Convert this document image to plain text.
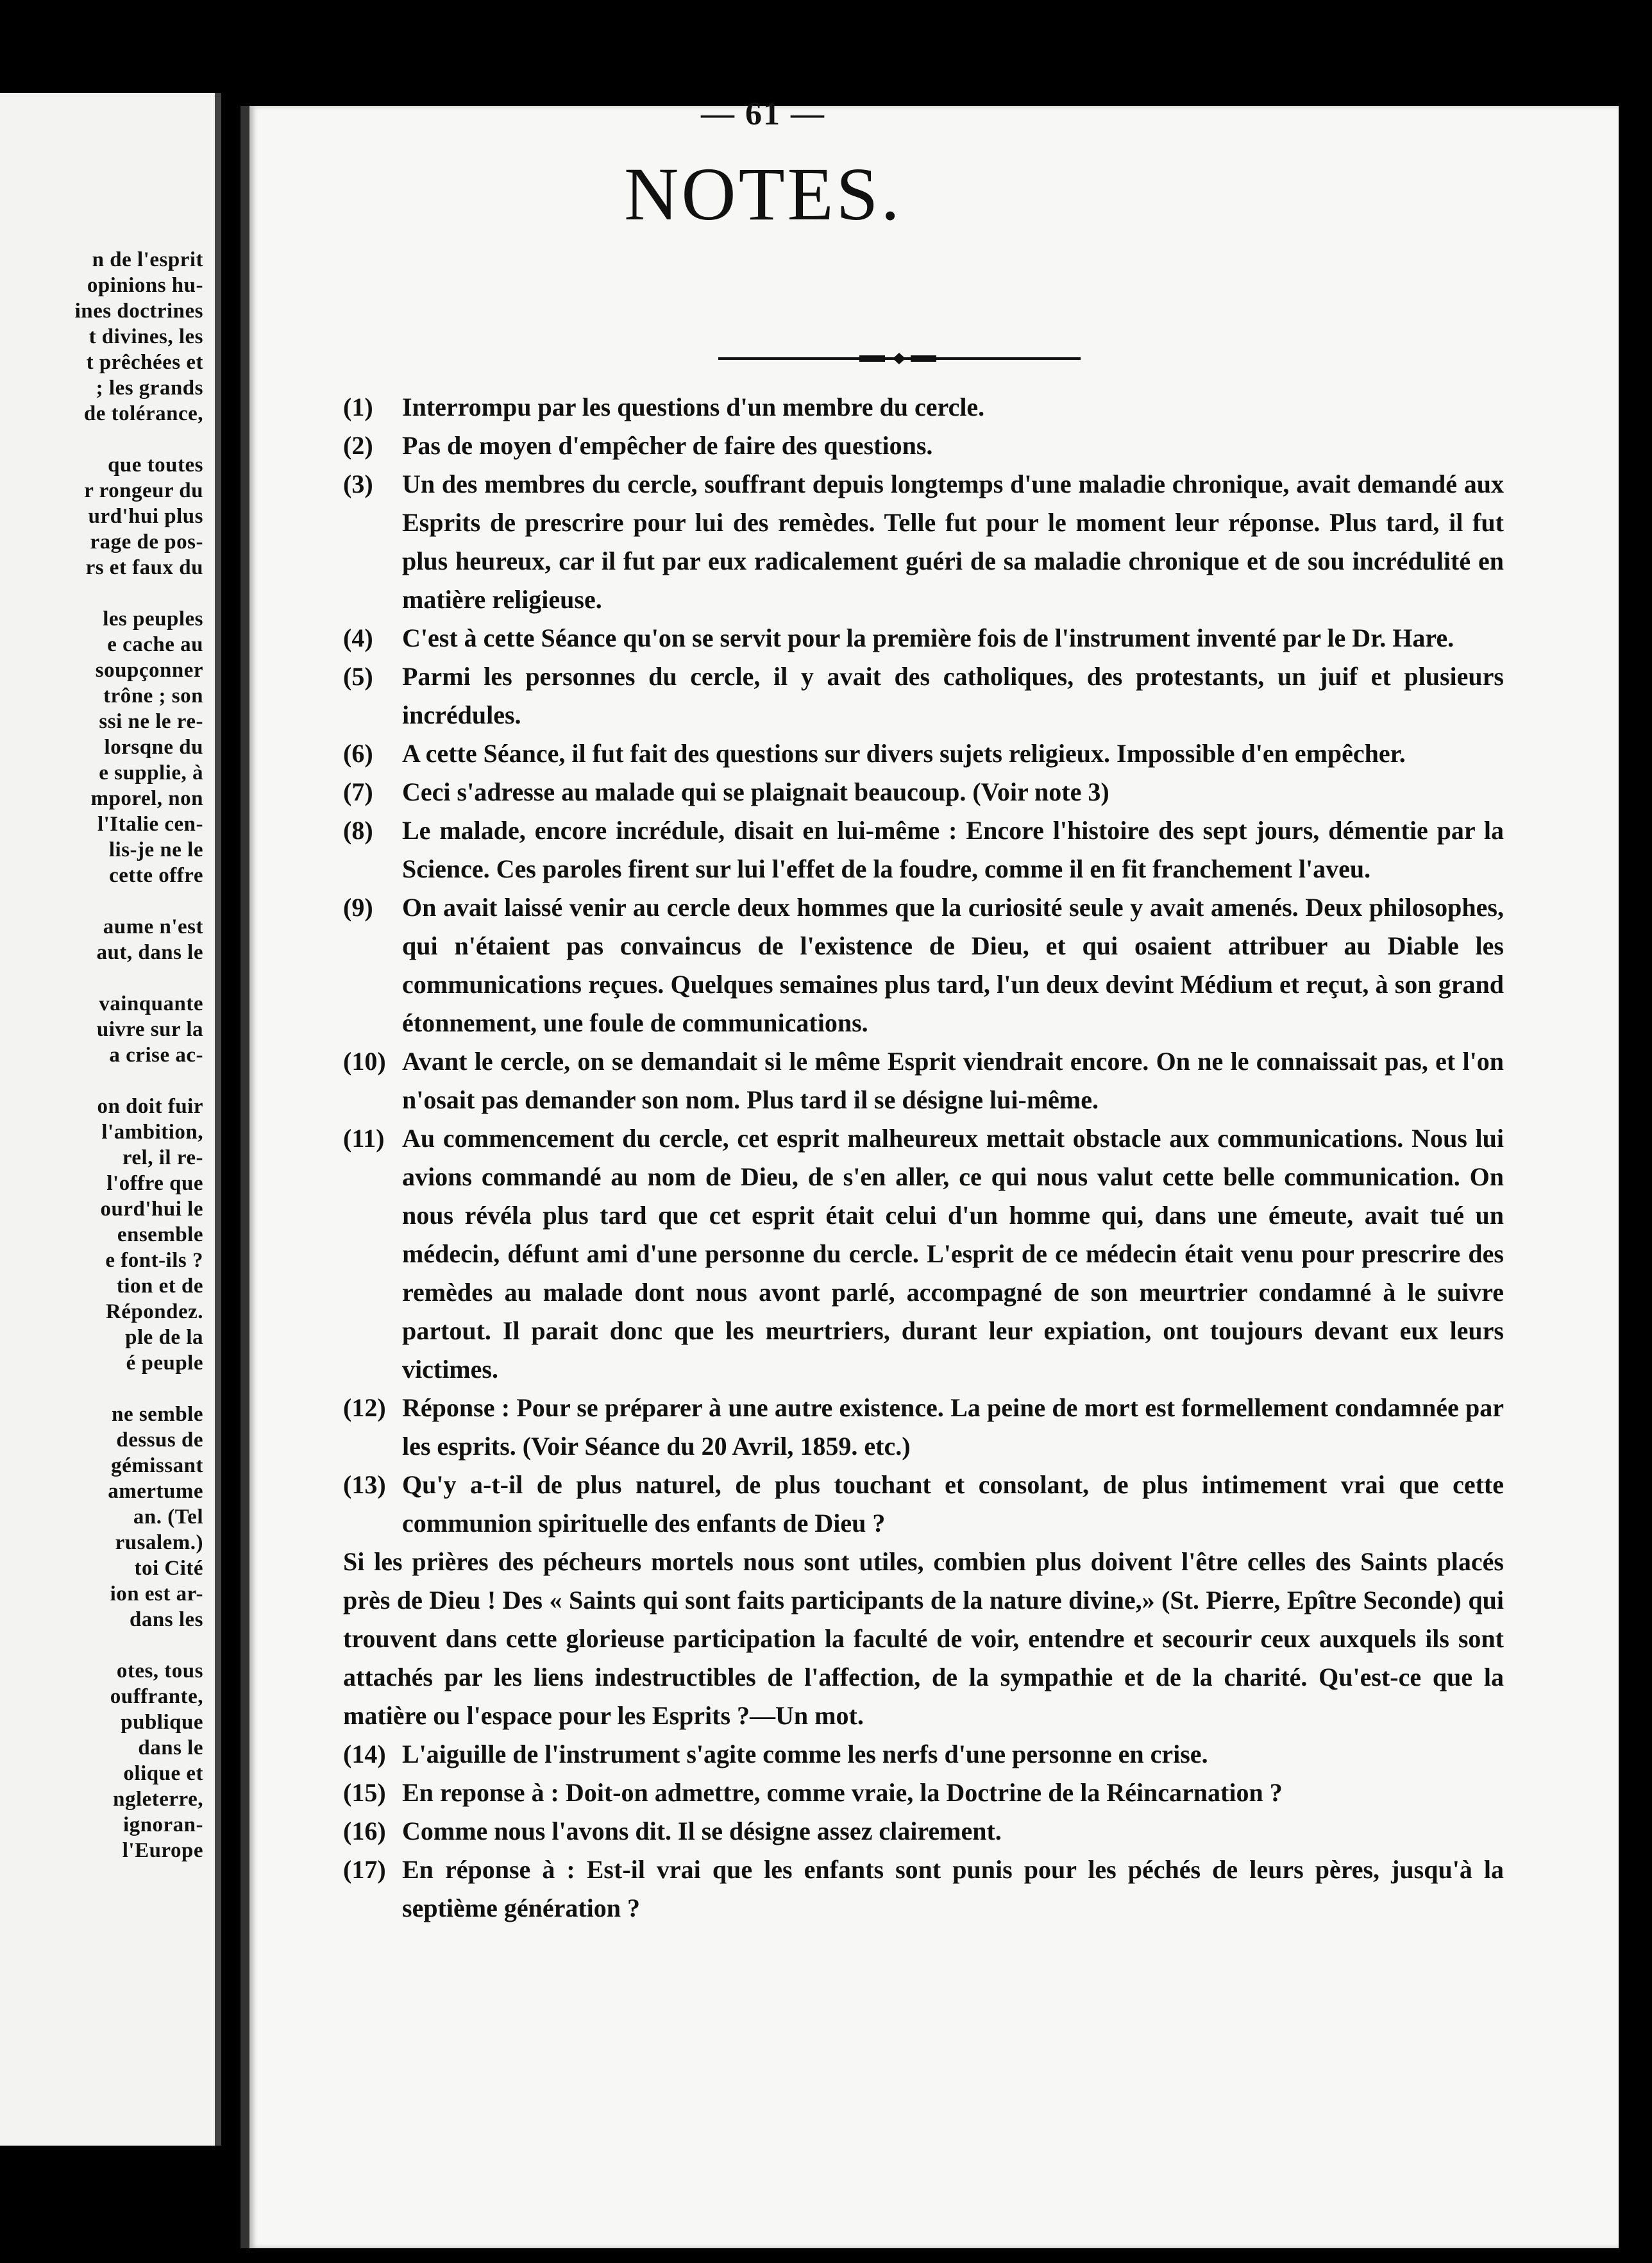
n de l'esprit
opinions hu-
ines doctrines
t divines, les
t prêchées et
; les grands
de tolérance,
que toutes
r rongeur du
urd'hui plus
rage de pos-
rs et faux du
les peuples
e cache au
soupçonner
trône ; son
ssi ne le re-
lorsqne du
e supplie, à
mporel, non
l'Italie cen-
lis-je ne le
cette offre
aume n'est
aut, dans le
vainquante
uivre sur la
a crise ac-
on doit fuir
l'ambition,
rel, il re-
l'offre que
ourd'hui le
ensemble
e font-ils ?
tion et de
Répondez.
ple de la
é peuple
ne semble
dessus de
gémissant
amertume
an. (Tel
rusalem.)
toi Cité
ion est ar-
dans les
otes, tous
ouffrante,
publique
dans le
olique et
ngleterre,
ignoran-
l'Europe
— 61 —
NOTES.
(1)	Interrompu par les questions d'un membre du cercle.
(2)	Pas de moyen d'empêcher de faire des questions.
(3)	Un des membres du cercle, souffrant depuis longtemps d'une maladie chronique, avait demandé aux Esprits de prescrire pour lui des remèdes. Telle fut pour le moment leur réponse. Plus tard, il fut plus heureux, car il fut par eux radicalement guéri de sa maladie chronique et de sou incrédulité en matière religieuse.
(4)	C'est à cette Séance qu'on se servit pour la première fois de l'instrument inventé par le Dr. Hare.
(5)	Parmi les personnes du cercle, il y avait des catholiques, des protestants, un juif et plusieurs incrédules.
(6)	A cette Séance, il fut fait des questions sur divers sujets religieux. Impossible d'en empêcher.
(7)	Ceci s'adresse au malade qui se plaignait beaucoup. (Voir note 3)
(8)	Le malade, encore incrédule, disait en lui-même : Encore l'histoire des sept jours, démentie par la Science. Ces paroles firent sur lui l'effet de la foudre, comme il en fit franchement l'aveu.
(9)	On avait laissé venir au cercle deux hommes que la curiosité seule y avait amenés. Deux philosophes, qui n'étaient pas convaincus de l'existence de Dieu, et qui osaient attribuer au Diable les communications reçues. Quelques semaines plus tard, l'un deux devint Médium et reçut, à son grand étonnement, une foule de communications.
(10) Avant le cercle, on se demandait si le même Esprit viendrait encore. On ne le connaissait pas, et l'on n'osait pas demander son nom. Plus tard il se désigne lui-même.
(11) Au commencement du cercle, cet esprit malheureux mettait obstacle aux communications. Nous lui avions commandé au nom de Dieu, de s'en aller, ce qui nous valut cette belle communication. On nous révéla plus tard que cet esprit était celui d'un homme qui, dans une émeute, avait tué un médecin, défunt ami d'une personne du cercle. L'esprit de ce médecin était venu pour prescrire des remèdes au malade dont nous avont parlé, accompagné de son meurtrier condamné à le suivre partout. Il parait donc que les meurtriers, durant leur expiation, ont toujours devant eux leurs victimes.
(12) Réponse : Pour se préparer à une autre existence. La peine de mort est formellement condamnée par les esprits. (Voir Séance du 20 Avril, 1859. etc.)
(13) Qu'y a-t-il de plus naturel, de plus touchant et consolant, de plus intimement vrai que cette communion spirituelle des enfants de Dieu ?
Si les prières des pécheurs mortels nous sont utiles, combien plus doivent l'être celles des Saints placés près de Dieu ! Des « Saints qui sont faits participants de la nature divine,» (St. Pierre, Epître Seconde) qui trouvent dans cette glorieuse participation la faculté de voir, entendre et secourir ceux auxquels ils sont attachés par les liens indestructibles de l'affection, de la sympathie et de la charité. Qu'est-ce que la matière ou l'espace pour les Esprits ?—Un mot.
(14) L'aiguille de l'instrument s'agite comme les nerfs d'une personne en crise.
(15) En reponse à : Doit-on admettre, comme vraie, la Doctrine de la Réincarnation ?
(16) Comme nous l'avons dit. Il se désigne assez clairement.
(17) En réponse à : Est-il vrai que les enfants sont punis pour les péchés de leurs pères, jusqu'à la septième génération ?
